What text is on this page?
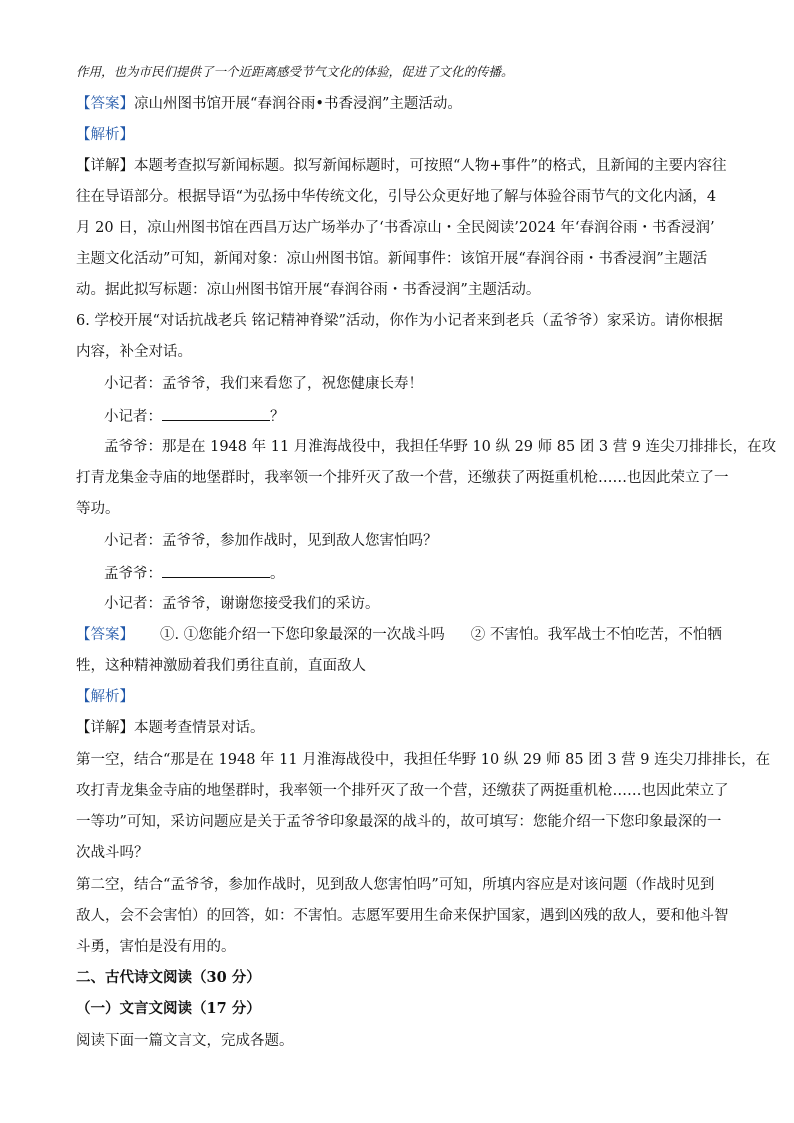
作用，也为市民们提供了一个近距离感受节气文化的体验，促进了文化的传播。
【答案】凉山州图书馆开展“春润谷雨•书香浸润”主题活动。
【解析】
【详解】本题考查拟写新闻标题。拟写新闻标题时，可按照“人物+事件”的格式，且新闻的主要内容往
往在导语部分。根据导语“为弘扬中华传统文化，引导公众更好地了解与体验谷雨节气的文化内涵，4
月 20 日，凉山州图书馆在西昌万达广场举办了‘书香凉山・全民阅读’2024 年‘春润谷雨・书香浸润’
主题文化活动”可知，新闻对象：凉山州图书馆。新闻事件：该馆开展“春润谷雨・书香浸润”主题活
动。据此拟写标题：凉山州图书馆开展“春润谷雨・书香浸润”主题活动。
6. 学校开展“对话抗战老兵 铭记精神脊梁”活动，你作为小记者来到老兵（孟爷爷）家采访。请你根据
内容，补全对话。
小记者：孟爷爷，我们来看您了，祝您健康长寿！
小记者：	？
孟爷爷：那是在 1948 年 11 月淮海战役中，我担任华野 10 纵 29 师 85 团 3 营 9 连尖刀排排长，在攻
打青龙集金寺庙的地堡群时，我率领一个排歼灭了敌一个营，还缴获了两挺重机枪……也因此荣立了一
等功。
小记者：孟爷爷，参加作战时，见到敌人您害怕吗？
孟爷爷：	。
小记者：孟爷爷，谢谢您接受我们的采访。
【答案】 ①. ①您能介绍一下您印象最深的一次战斗吗 ② 不害怕。我军战士不怕吃苦，不怕牺
牲，这种精神激励着我们勇往直前，直面敌人
【解析】
【详解】本题考查情景对话。
第一空，结合“那是在 1948 年 11 月淮海战役中，我担任华野 10 纵 29 师 85 团 3 营 9 连尖刀排排长，在
攻打青龙集金寺庙的地堡群时，我率领一个排歼灭了敌一个营，还缴获了两挺重机枪……也因此荣立了
一等功”可知，采访问题应是关于孟爷爷印象最深的战斗的，故可填写：您能介绍一下您印象最深的一
次战斗吗？
第二空，结合“孟爷爷，参加作战时，见到敌人您害怕吗”可知，所填内容应是对该问题（作战时见到
敌人，会不会害怕）的回答，如：不害怕。志愿军要用生命来保护国家，遇到凶残的敌人，要和他斗智
斗勇，害怕是没有用的。
二、古代诗文阅读（30 分）
（一）文言文阅读（17 分）
阅读下面一篇文言文，完成各题。
